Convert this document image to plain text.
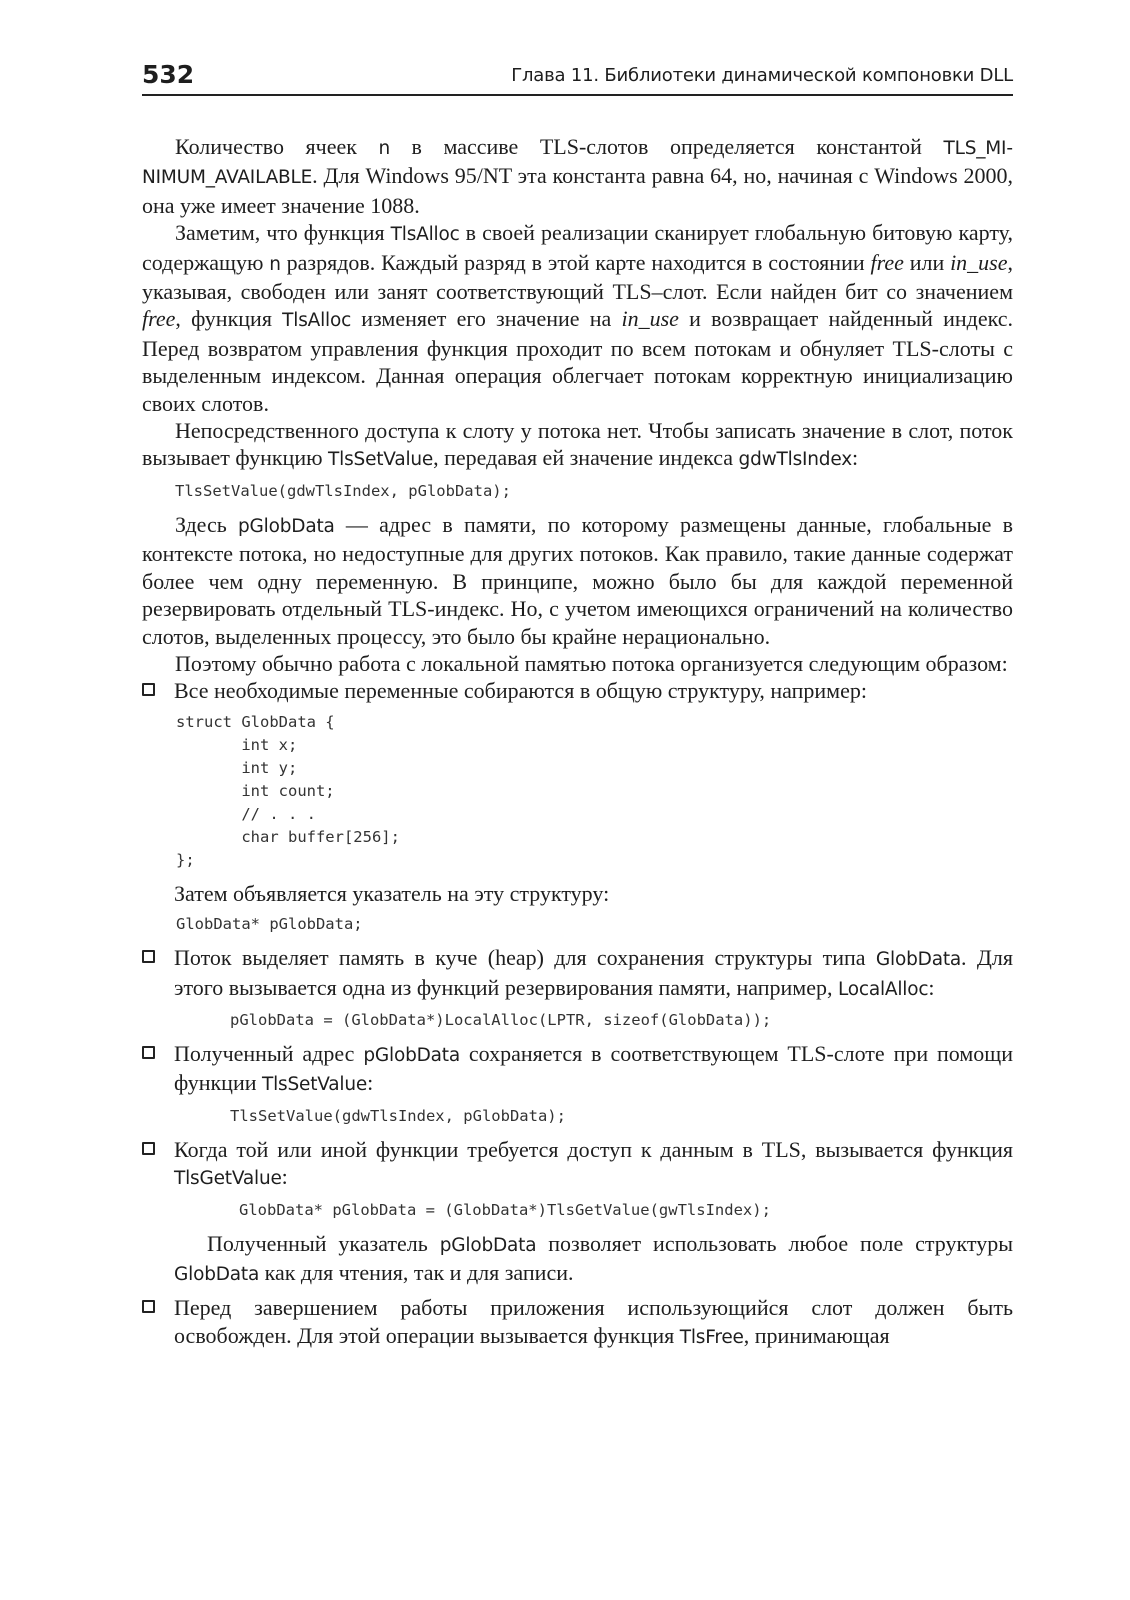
532	Глава 11. Библиотеки динамической компоновки DLL

Количество ячеек n в массиве TLS-слотов определяется константой TLS_MINIMUM_AVAILABLE. Для Windows 95/NT эта константа равна 64, но, начиная с Windows 2000, она уже имеет значение 1088.

Заметим, что функция TlsAlloc в своей реализации сканирует глобальную битовую карту, содержащую n разрядов. Каждый разряд в этой карте находится в состоянии free или in_use, указывая, свободен или занят соответствующий TLS–слот. Если найден бит со значением free, функция TlsAlloc изменяет его значение на in_use и возвращает найденный индекс. Перед возвратом управления функция проходит по всем потокам и обнуляет TLS-слоты с выделенным индексом. Данная операция облегчает потокам корректную инициализацию своих слотов.

Непосредственного доступа к слоту у потока нет. Чтобы записать значение в слот, поток вызывает функцию TlsSetValue, передавая ей значение индекса gdwTlsIndex:

TlsSetValue(gdwTlsIndex, pGlobData);

Здесь pGlobData — адрес в памяти, по которому размещены данные, глобальные в контексте потока, но недоступные для других потоков. Как правило, такие данные содержат более чем одну переменную. В принципе, можно было бы для каждой переменной резервировать отдельный TLS-индекс. Но, с учетом имеющихся ограничений на количество слотов, выделенных процессу, это было бы крайне нерационально.

Поэтому обычно работа с локальной памятью потока организуется следующим образом:

Все необходимые переменные собираются в общую структуру, например:
struct GlobData {
int x;
int y;
int count;
// . . .
char buffer[256];
};
Затем объявляется указатель на эту структуру:
GlobData* pGlobData;
Поток выделяет память в куче (heap) для сохранения структуры типа GlobData. Для этого вызывается одна из функций резервирования памяти, например, LocalAlloc:
pGlobData = (GlobData*)LocalAlloc(LPTR, sizeof(GlobData));
Полученный адрес pGlobData сохраняется в соответствующем TLS-слоте при помощи функции TlsSetValue:
TlsSetValue(gdwTlsIndex, pGlobData);
Когда той или иной функции требуется доступ к данным в TLS, вызывается функция TlsGetValue:
GlobData* pGlobData = (GlobData*)TlsGetValue(gwTlsIndex);

Полученный указатель pGlobData позволяет использовать любое поле структуры GlobData как для чтения, так и для записи.

Перед завершением работы приложения использующийся слот должен быть освобожден. Для этой операции вызывается функция TlsFree, принимающая
